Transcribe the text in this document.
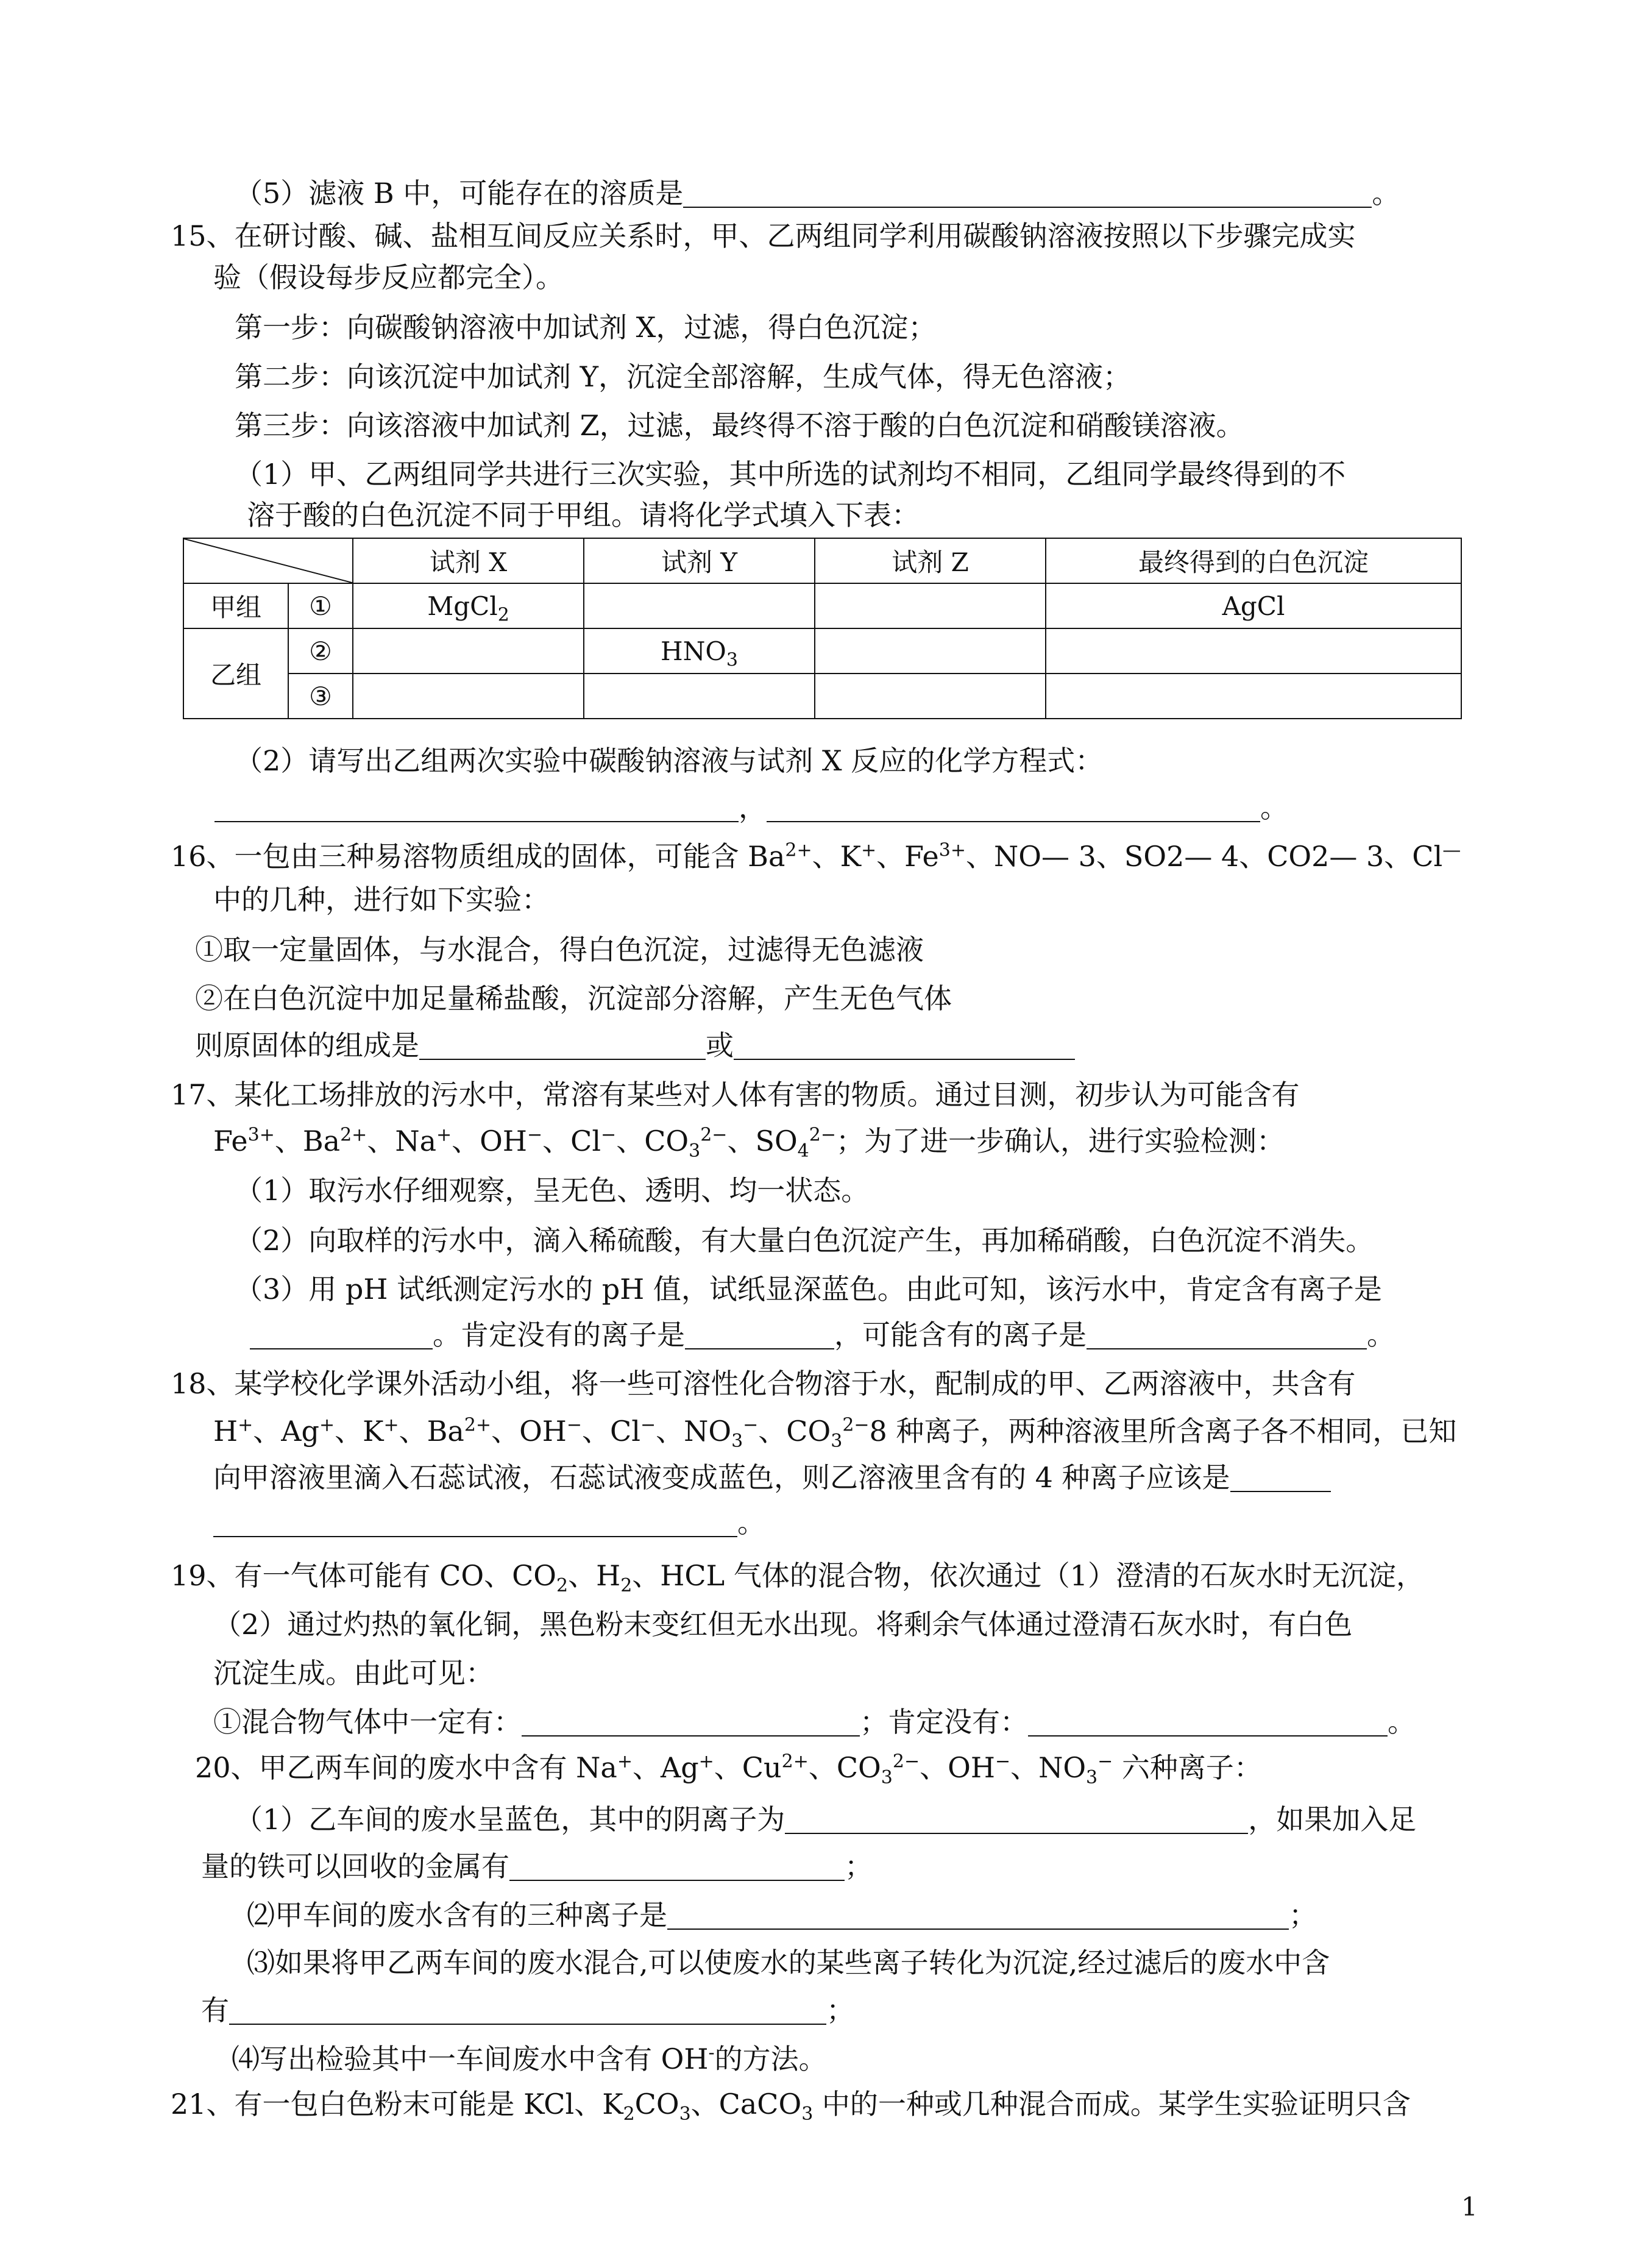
（5）滤液 B 中，可能存在的溶质是	。
15、在研讨酸、碱、盐相互间反应关系时，甲、乙两组同学利用碳酸钠溶液按照以下步骤完成实
验（假设每步反应都完全）。
第一步：向碳酸钠溶液中加试剂 X，过滤，得白色沉淀；
第二步：向该沉淀中加试剂 Y，沉淀全部溶解，生成气体，得无色溶液；
第三步：向该溶液中加试剂 Z，过滤，最终得不溶于酸的白色沉淀和硝酸镁溶液。
（1）甲、乙两组同学共进行三次实验，其中所选的试剂均不相同，乙组同学最终得到的不
溶于酸的白色沉淀不同于甲组。请将化学式填入下表：
	试剂 X	试剂 Y	试剂 Z	最终得到的白色沉淀
甲组	①	MgCl$_2$			AgCl
乙组	②		$HNO_3$		
	③				
（2）请写出乙组两次实验中碳酸钠溶液与试剂 X 反应的化学方程式：
，	。
16、一包由三种易溶物质组成的固体，可能含 $Ba^{2+}$、K+、$Fe^{3+}$、NO— 3、SO2— 4、CO2— 3、Cl—
中的几种，进行如下实验：
①取一定量固体，与水混合，得白色沉淀，过滤得无色滤液
②在白色沉淀中加足量稀盐酸，沉淀部分溶解，产生无色气体
则原固体的组成是	或
17、某化工场排放的污水中，常溶有某些对人体有害的物质。通过目测，初步认为可能含有
$Fe^{3+}$、$Ba^{2+}$、Na+、OH−、Cl−、$CO_3^{2-}$、$SO_4^{2-}$；为了进一步确认，进行实验检测：
（1）取污水仔细观察，呈无色、透明、均一状态。
（2）向取样的污水中，滴入稀硫酸，有大量白色沉淀产生，再加稀硝酸，白色沉淀不消失。
（3）用 pH 试纸测定污水的 pH 值，试纸显深蓝色。由此可知，该污水中，肯定含有离子是
。肯定没有的离子是	，可能含有的离子是	。
18、某学校化学课外活动小组，将一些可溶性化合物溶于水，配制成的甲、乙两溶液中，共含有
H+、Ag+、K+、$Ba^{2+}$、OH−、Cl−、$NO_3^-$、$CO_3^{2-}8$ 种离子，两种溶液里所含离子各不相同，已知
向甲溶液里滴入石蕊试液，石蕊试液变成蓝色，则乙溶液里含有的 4 种离子应该是
。
19、有一气体可能有 CO、$CO_2$、$H_2$、HCL 气体的混合物，依次通过（1）澄清的石灰水时无沉淀，
（2）通过灼热的氧化铜，黑色粉末变红但无水出现。将剩余气体通过澄清石灰水时，有白色
沉淀生成。由此可见：
①混合物气体中一定有：	；肯定没有：	。
20、甲乙两车间的废水中含有 Na+、Ag+、$Cu^{2+}$、$CO_3^{2-}$、OH−、$NO_3^-$ 六种离子：
（1）乙车间的废水呈蓝色，其中的阴离子为	，如果加入足
量的铁可以回收的金属有	；
⑵甲车间的废水含有的三种离子是	；
⑶如果将甲乙两车间的废水混合,可以使废水的某些离子转化为沉淀,经过滤后的废水中含
有	；
⑷写出检验其中一车间废水中含有 OH-的方法。
21、有一包白色粉末可能是 KCl、$K_2CO_3$、CaCO$_3$ 中的一种或几种混合而成。某学生实验证明只含
1
